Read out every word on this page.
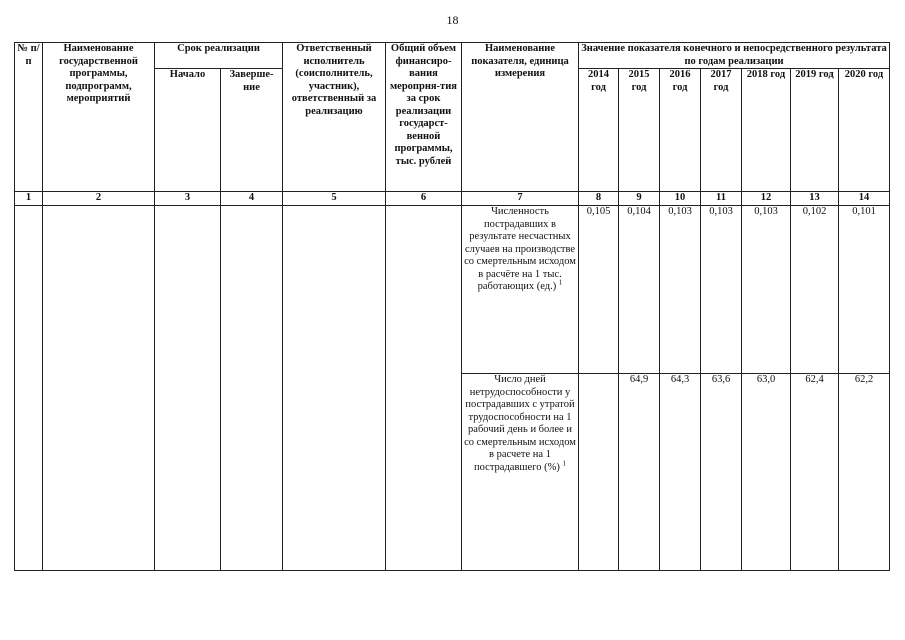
18
№ п/п	Наименование государственной программы, подпрограмм, мероприятий	Срок реализации		Ответственный исполнитель (соисполнитель, участник), ответственный за реализацию	Общий объем финансиро-вания меропрня-тия за срок реализации государст-венной программы, тыс. рублей	Наименование показателя, единица измерения	Значение показателя конечного и непосредственного результата по годам реализации						
		Начало	Заверше-ние				2014 год	2015 год	2016 год	2017 год	2018 год	2019 год	2020 год
1	2	3	4	5	6	7	8	9	10	11	12	13	14
						Численность пострадавших в результате несчастных случаев на производстве со смертельным исходом в расчёте на 1 тыс. работающих (ед.) $^1$	0,105	0,104	0,103	0,103	0,103	0,102	0,101
						Число дней нетрудоспособности у пострадавших с утратой трудоспособности на 1 рабочий день и более и со смертельным исходом в расчете на 1 пострадавшего (%) $^1$		64,9	64,3	63,6	63,0	62,4	62,2
